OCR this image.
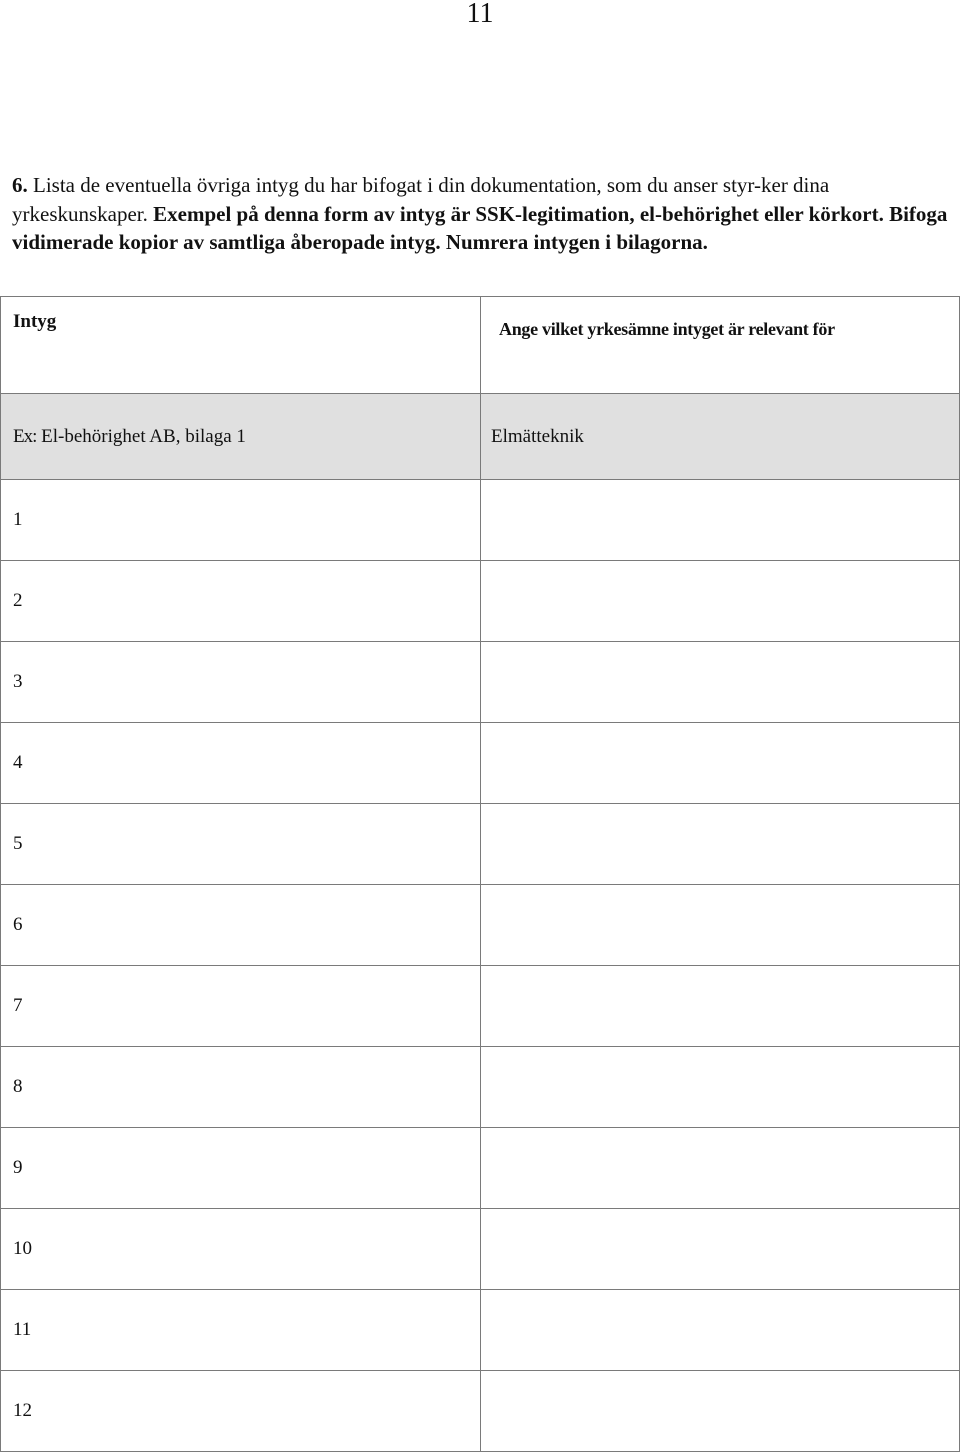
11

6. Lista de eventuella övriga intyg du har bifogat i din dokumentation, som du anser styr-ker dina yrkeskunskaper. Exempel på denna form av intyg är SSK-legitimation, el-behörighet eller körkort. Bifoga vidimerade kopior av samtliga åberopade intyg. Numrera intygen i bilagorna.

Intyg	Ange vilket yrkesämne intyget är relevant för
Ex: El-behörighet AB, bilaga 1	Elmätteknik
1	
2	
3	
4	
5	
6	
7	
8	
9	
10	
11	
12	
